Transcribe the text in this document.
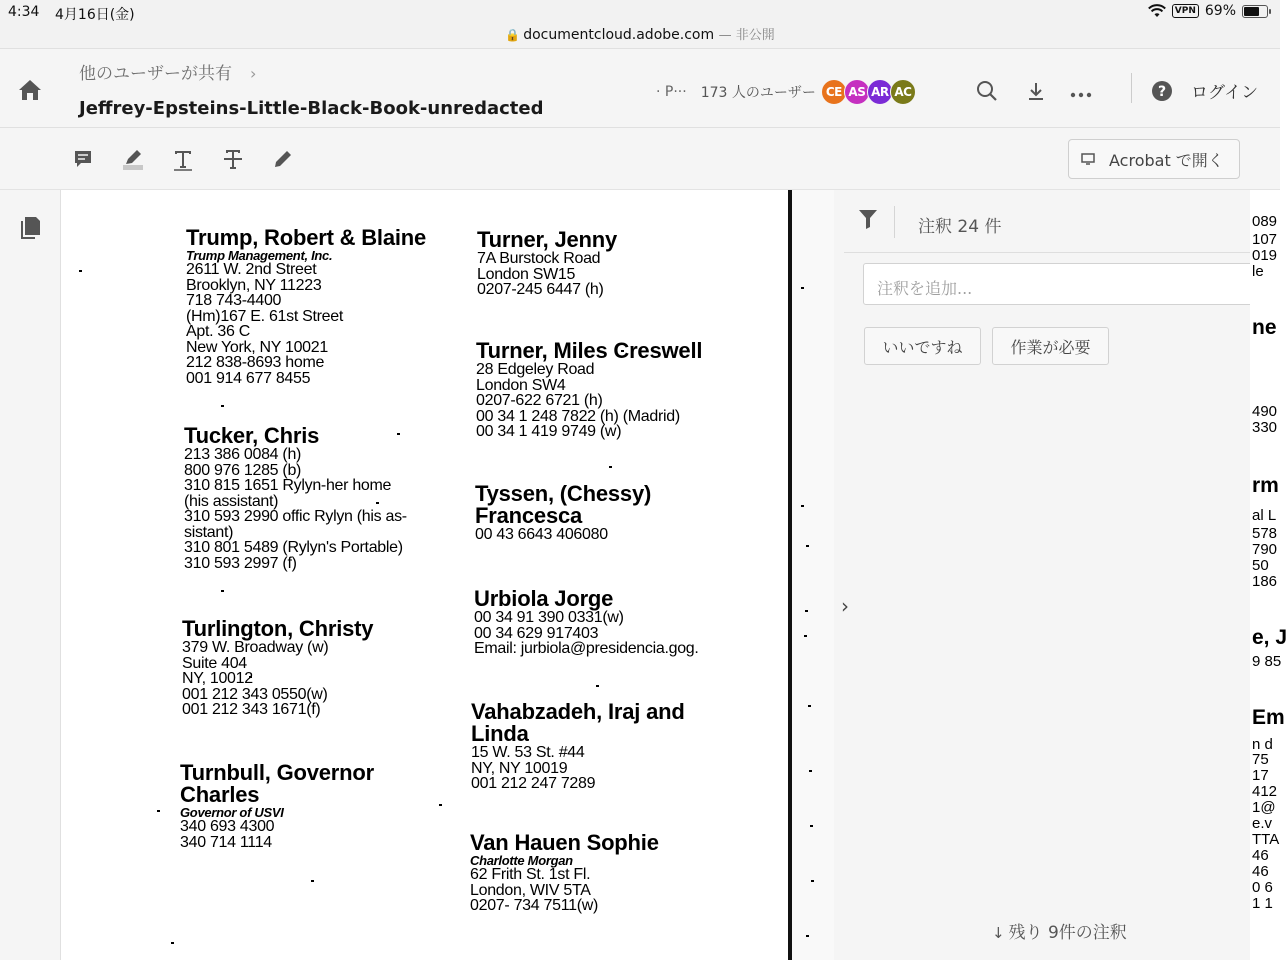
4:34 4月16日(金)	VPN 69%
🔒 documentcloud.adobe.com — 非公開
他のユーザーが共有 ›
Jeffrey-Epsteins-Little-Black-Book-unredacted
· P··· 173 人のユーザー CE AS AR AC	? ログイン
Acrobat で開く
Trump, Robert & Blaine
Trump Management, Inc.
2611 W. 2nd Street
Brooklyn, NY 11223
718 743-4400
(Hm)167 E. 61st Street
Apt. 36 C
New York, NY 10021
212 838-8693 home
001 914 677 8455
Tucker, Chris
213 386 0084 (h)
800 976 1285 (b)
310 815 1651 Rylyn-her home
(his assistant)
310 593 2990 offic Rylyn (his as-
sistant)
310 801 5489 (Rylyn's Portable)
310 593 2997 (f)
Turlington, Christy
379 W. Broadway (w)
Suite 404
NY, 10012
001 212 343 0550(w)
001 212 343 1671(f)
Turnbull, Governor
Charles
Governor of USVI
340 693 4300
340 714 1114
Turner, Jenny
7A Burstock Road
London SW15
0207-245 6447 (h)
Turner, Miles Creswell
28 Edgeley Road
London SW4
0207-622 6721 (h)
00 34 1 248 7822 (h) (Madrid)
00 34 1 419 9749 (w)
Tyssen, (Chessy)
Francesca
00 43 6643 406080
Urbiola Jorge
00 34 91 390 0331(w)
00 34 629 917403
Email: jurbiola@presidencia.gog.
Vahabzadeh, Iraj and
Linda
15 W. 53 St. #44
NY, NY 10019
001 212 247 7289
Van Hauen Sophie
Charlotte Morgan
62 Frith St. 1st Fl.
London, WIV 5TA
0207- 734 7511(w)
›
注釈 24 件
注釈を追加...
いいですね	作業が必要
↓ 残り 9件の注釈
089
107
019
le
ne
490
330
rm
al L
578
790
50
186
e, J
9 85
Em
n d
75
17
412
1@
e.v
TTA
46
46
0 6
1 1
